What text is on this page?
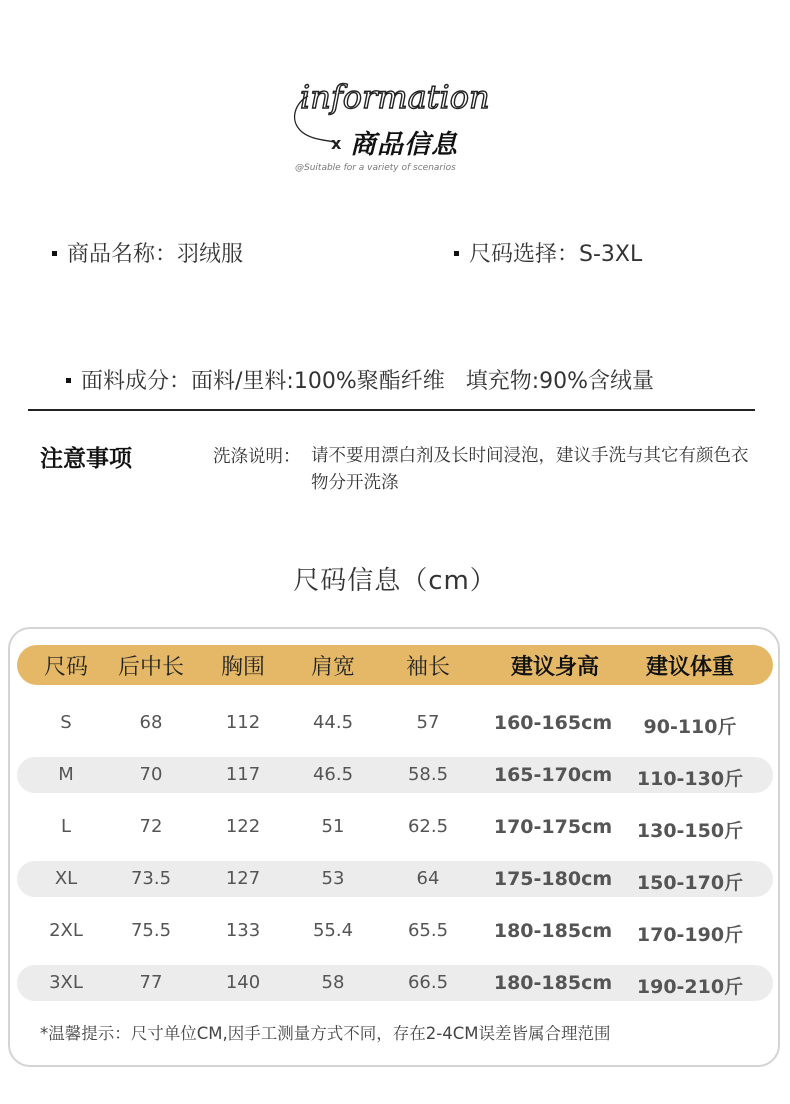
information
x 商品信息
@Suitable for a variety of scenarios
商品名称：羽绒服	尺码选择：S-3XL

面料成分：面料/里料:100%聚酯纤维   填充物:90%含绒量

注意事项	洗涤说明： 请不要用漂白剂及长时间浸泡，建议手洗与其它有颜色衣物分开洗涤
尺码信息（cm）
尺码 后中长 胸围 肩宽 袖长	建议身高 建议体重
S	68	112	44.5	57	160-165cm 90-110斤
M	70	117	46.5	58.5 165-170cm 110-130斤
L	72	122	51	62.5 170-175cm 130-150斤
XL	73.5	127	53	64	175-180cm 150-170斤
2XL	75.5	133	55.4	65.5 180-185cm 170-190斤
3XL	77	140	58	66.5 180-185cm 190-210斤
*温馨提示：尺寸单位CM,因手工测量方式不同，存在2-4CM误差皆属合理范围
